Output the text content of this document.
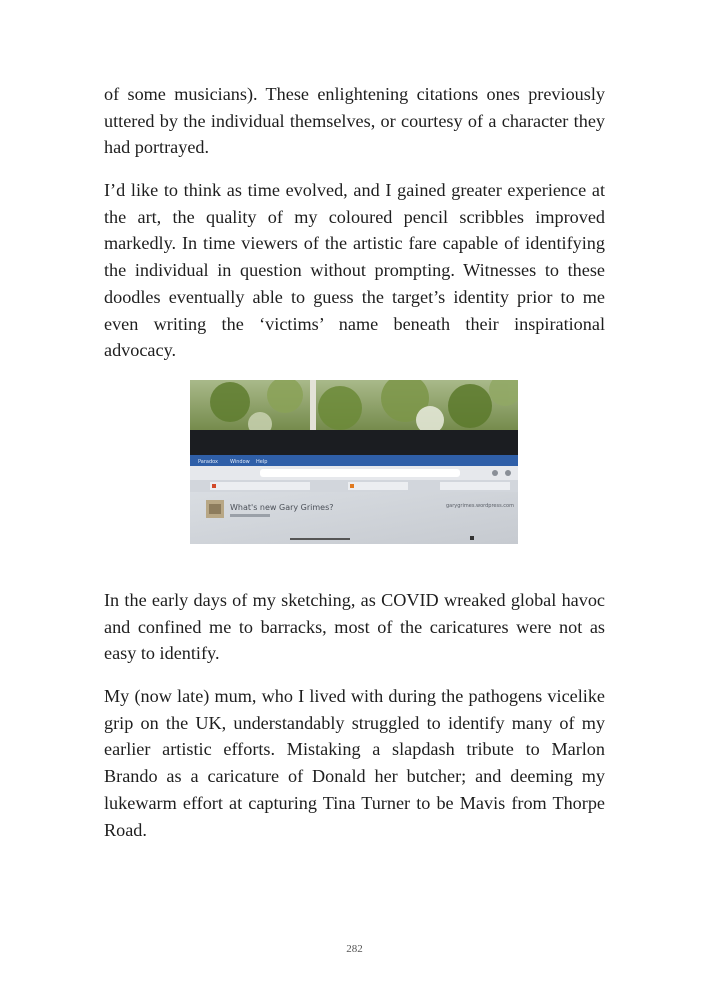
of some musicians). These enlightening citations ones previously uttered by the individual themselves, or courtesy of a character they had portrayed.

I’d like to think as time evolved, and I gained greater experience at the art, the quality of my coloured pencil scribbles improved markedly. In time viewers of the artistic fare capable of identifying the individual in question without prompting. Witnesses to these doodles eventually able to guess the target’s identity prior to me even writing the ‘victims’ name beneath their inspirational advocacy.

Paradox Window Help
What's new Gary Grimes?	garygrimes.wordpress.com

In the early days of my sketching, as COVID wreaked global havoc and confined me to barracks, most of the caricatures were not as easy to identify.

My (now late) mum, who I lived with during the pathogens vicelike grip on the UK, understandably struggled to identify many of my earlier artistic efforts. Mistaking a slapdash tribute to Marlon Brando as a caricature of Donald her butcher; and deeming my lukewarm effort at capturing Tina Turner to be Mavis from Thorpe Road.

282
